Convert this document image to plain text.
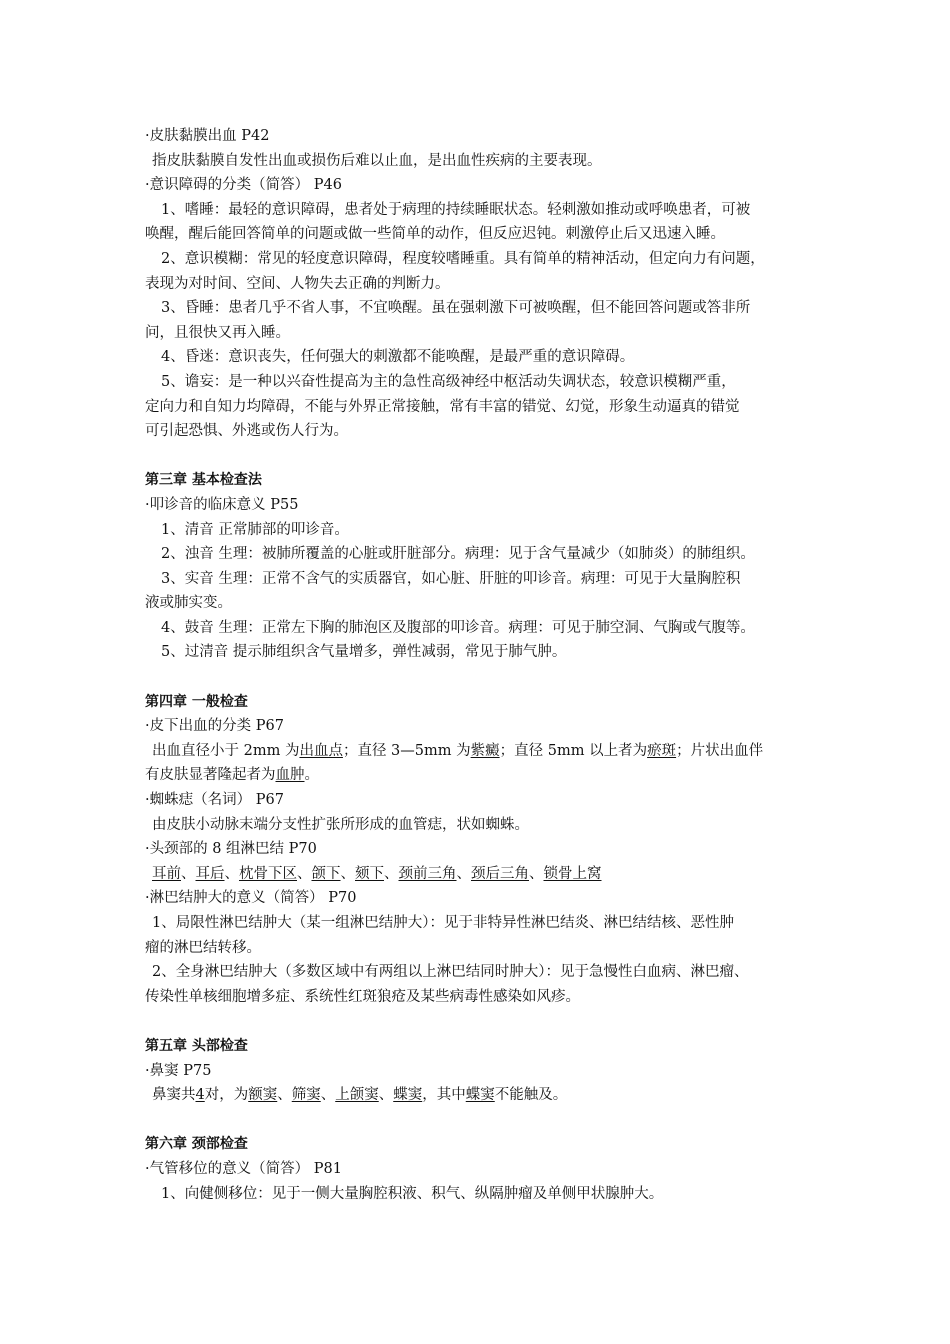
·皮肤黏膜出血 P42
指皮肤黏膜自发性出血或损伤后难以止血，是出血性疾病的主要表现。
·意识障碍的分类（简答） P46
1、嗜睡：最轻的意识障碍，患者处于病理的持续睡眠状态。轻刺激如推动或呼唤患者，可被
唤醒，醒后能回答简单的问题或做一些简单的动作，但反应迟钝。刺激停止后又迅速入睡。
2、意识模糊：常见的轻度意识障碍，程度较嗜睡重。具有简单的精神活动，但定向力有问题，
表现为对时间、空间、人物失去正确的判断力。
3、昏睡：患者几乎不省人事，不宜唤醒。虽在强刺激下可被唤醒，但不能回答问题或答非所
问，且很快又再入睡。
4、昏迷：意识丧失，任何强大的刺激都不能唤醒，是最严重的意识障碍。
5、谵妄：是一种以兴奋性提高为主的急性高级神经中枢活动失调状态，较意识模糊严重，
定向力和自知力均障碍，不能与外界正常接触，常有丰富的错觉、幻觉，形象生动逼真的错觉
可引起恐惧、外逃或伤人行为。
第三章 基本检查法
·叩诊音的临床意义 P55
1、清音 正常肺部的叩诊音。
2、浊音 生理：被肺所覆盖的心脏或肝脏部分。病理：见于含气量减少（如肺炎）的肺组织。
3、实音 生理：正常不含气的实质器官，如心脏、肝脏的叩诊音。病理：可见于大量胸腔积
液或肺实变。
4、鼓音 生理：正常左下胸的肺泡区及腹部的叩诊音。病理：可见于肺空洞、气胸或气腹等。
5、过清音 提示肺组织含气量增多，弹性减弱，常见于肺气肿。
第四章 一般检查
·皮下出血的分类 P67
出血直径小于 2mm 为出血点；直径 3—5mm 为紫癜；直径 5mm 以上者为瘀斑；片状出血伴
有皮肤显著隆起者为血肿。
·蜘蛛痣（名词） P67
由皮肤小动脉末端分支性扩张所形成的血管痣，状如蜘蛛。
·头颈部的 8 组淋巴结 P70
耳前、耳后、枕骨下区、颌下、颏下、颈前三角、颈后三角、锁骨上窝
·淋巴结肿大的意义（简答） P70
1、局限性淋巴结肿大（某一组淋巴结肿大）：见于非特异性淋巴结炎、淋巴结结核、恶性肿
瘤的淋巴结转移。
2、全身淋巴结肿大（多数区域中有两组以上淋巴结同时肿大）：见于急慢性白血病、淋巴瘤、
传染性单核细胞增多症、系统性红斑狼疮及某些病毒性感染如风疹。
第五章 头部检查
·鼻窦 P75
鼻窦共4对，为额窦、筛窦、上颌窦、蝶窦，其中蝶窦不能触及。
第六章 颈部检查
·气管移位的意义（简答） P81
1、向健侧移位：见于一侧大量胸腔积液、积气、纵隔肿瘤及单侧甲状腺肿大。
